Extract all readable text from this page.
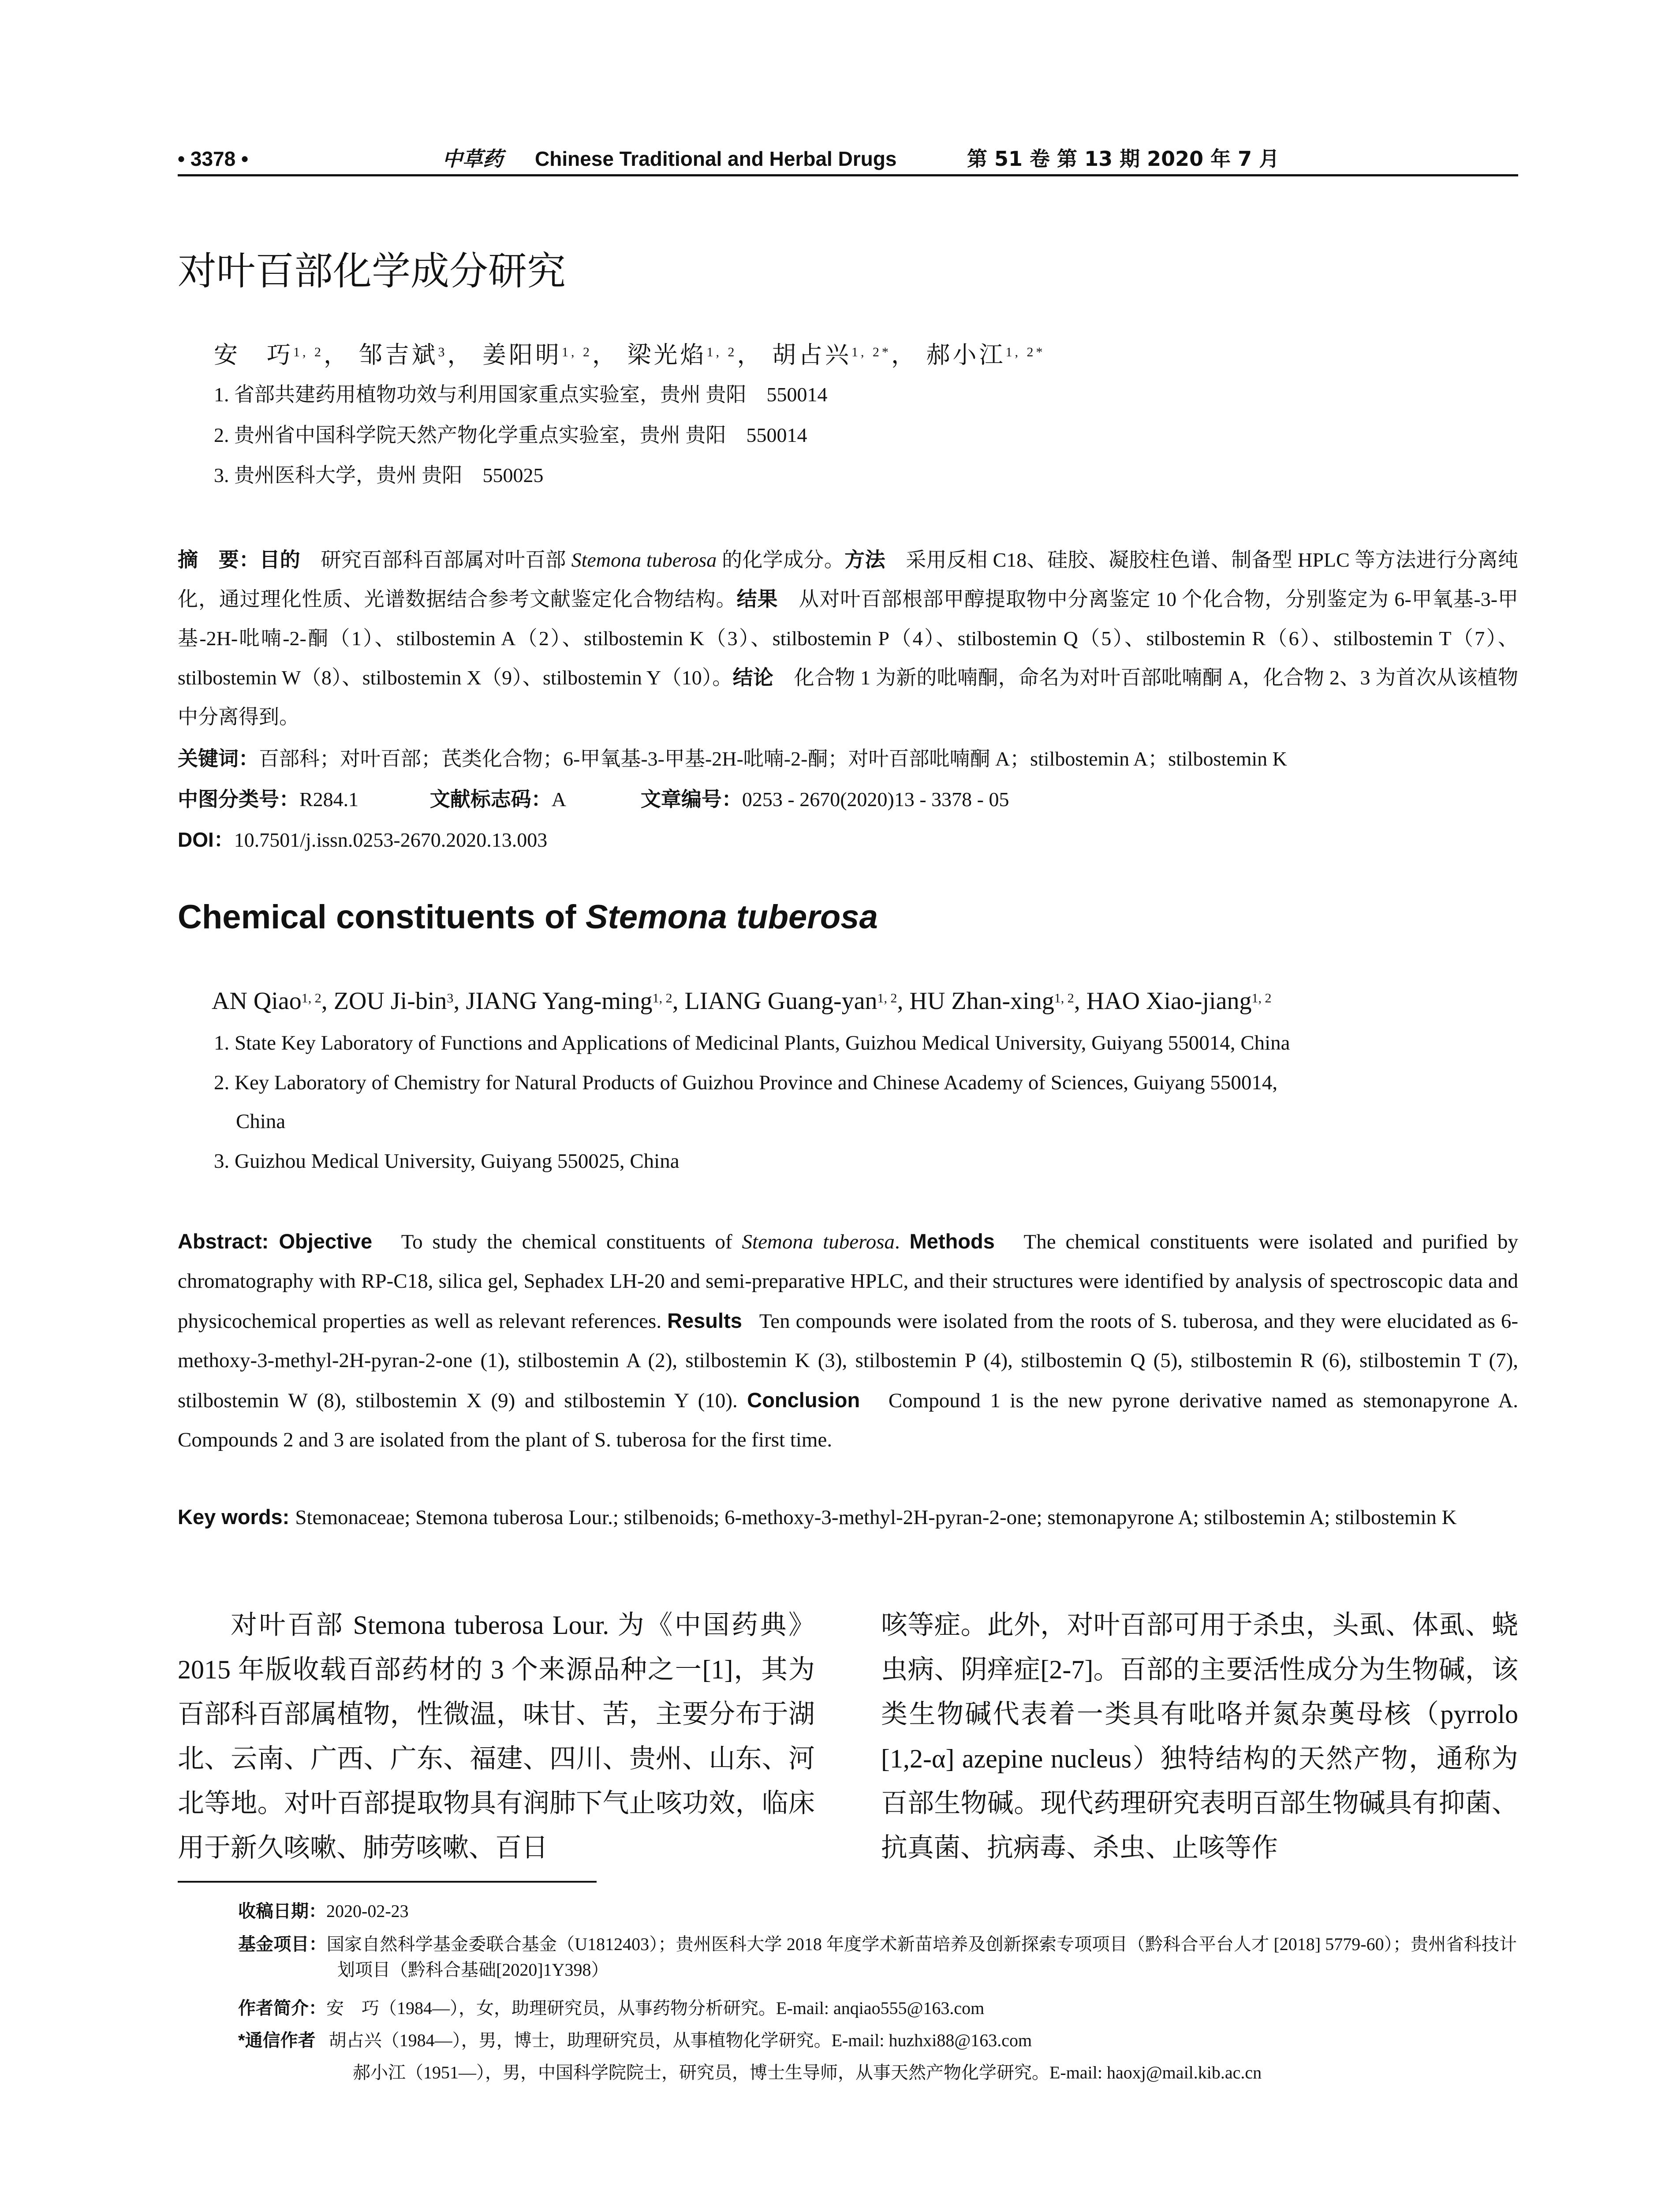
• 3378 •	中草药 Chinese Traditional and Herbal Drugs	第 51 卷 第 13 期 2020 年 7 月
对叶百部化学成分研究
安　巧$^{1, 2}$， 邹吉斌$^3$， 姜阳明$^{1, 2}$， 梁光焰$^{1, 2}$， 胡占兴$^{1, 2*}$， 郝小江$^{1, 2*}$
1. 省部共建药用植物功效与利用国家重点实验室，贵州 贵阳　550014
2. 贵州省中国科学院天然产物化学重点实验室，贵州 贵阳　550014
3. 贵州医科大学，贵州 贵阳　550025
摘　要：目的　 研究百部科百部属对叶百部 Stemona tuberosa 的化学成分。方法　 采用反相 C18、硅胶、凝胶柱色谱、制备型 HPLC 等方法进行分离纯化，通过理化性质、光谱数据结合参考文献鉴定化合物结构。结果　 从对叶百部根部甲醇提取物中分离鉴定 10 个化合物，分别鉴定为 6-甲氧基-3-甲基-2H-吡喃-2-酮（1）、stilbostemin A（2）、stilbostemin K（3）、stilbostemin P（4）、stilbostemin Q（5）、stilbostemin R（6）、stilbostemin T（7）、stilbostemin W（8）、stilbostemin X（9）、stilbostemin Y（10）。结论　 化合物 1 为新的吡喃酮，命名为对叶百部吡喃酮 A，化合物 2、3 为首次从该植物中分离得到。
关键词：百部科；对叶百部；芪类化合物；6-甲氧基-3-甲基-2H-吡喃-2-酮；对叶百部吡喃酮 A；stilbostemin A；stilbostemin K
中图分类号：R284.1	文献标志码：A	文章编号：0253 - 2670(2020)13 - 3378 - 05
DOI：10.7501/j.issn.0253-2670.2020.13.003
Chemical constituents of Stemona tuberosa
AN Qiao$^{1, 2}$, ZOU Ji-bin$^3$, JIANG Yang-ming$^{1, 2}$, LIANG Guang-yan$^{1, 2}$, HU Zhan-xing$^{1, 2}$, HAO Xiao-jiang$^{1, 2}$
1. State Key Laboratory of Functions and Applications of Medicinal Plants, Guizhou Medical University, Guiyang 550014, China
2. Key Laboratory of Chemistry for Natural Products of Guizhou Province and Chinese Academy of Sciences, Guiyang 550014,
China
3. Guizhou Medical University, Guiyang 550025, China
Abstract: Objective To study the chemical constituents of Stemona tuberosa. Methods The chemical constituents were isolated and purified by chromatography with RP-C18, silica gel, Sephadex LH-20 and semi-preparative HPLC, and their structures were identified by analysis of spectroscopic data and physicochemical properties as well as relevant references. Results Ten compounds were isolated from the roots of S. tuberosa, and they were elucidated as 6-methoxy-3-methyl-2H-pyran-2-one (1), stilbostemin A (2), stilbostemin K (3), stilbostemin P (4), stilbostemin Q (5), stilbostemin R (6), stilbostemin T (7), stilbostemin W (8), stilbostemin X (9) and stilbostemin Y (10). Conclusion Compound 1 is the new pyrone derivative named as stemonapyrone A. Compounds 2 and 3 are isolated from the plant of S. tuberosa for the first time.
Key words: Stemonaceae; Stemona tuberosa Lour.; stilbenoids; 6-methoxy-3-methyl-2H-pyran-2-one; stemonapyrone A; stilbostemin A; stilbostemin K
对叶百部 Stemona tuberosa Lour. 为《中国药典》2015 年版收载百部药材的 3 个来源品种之一[1]，其为百部科百部属植物，性微温，味甘、苦，主要分布于湖北、云南、广西、广东、福建、四川、贵州、山东、河北等地。对叶百部提取物具有润肺下气止咳功效，临床用于新久咳嗽、肺劳咳嗽、百日
咳等症。此外，对叶百部可用于杀虫，头虱、体虱、蛲虫病、阴痒症[2-7]。百部的主要活性成分为生物碱，该类生物碱代表着一类具有吡咯并氮杂薁母核（pyrrolo [1,2-α] azepine nucleus）独特结构的天然产物，通称为百部生物碱。现代药理研究表明百部生物碱具有抑菌、抗真菌、抗病毒、杀虫、止咳等作
收稿日期：2020-02-23
基金项目：国家自然科学基金委联合基金（U1812403）；贵州医科大学 2018 年度学术新苗培养及创新探索专项项目（黔科合平台人才 [2018] 5779-60）；贵州省科技计划项目（黔科合基础[2020]1Y398）
作者简介：安　巧（1984—），女，助理研究员，从事药物分析研究。E-mail: anqiao555@163.com
*通信作者 胡占兴（1984—），男，博士，助理研究员，从事植物化学研究。E-mail: huzhxi88@163.com
郝小江（1951—），男，中国科学院院士，研究员，博士生导师，从事天然产物化学研究。E-mail: haoxj@mail.kib.ac.cn
